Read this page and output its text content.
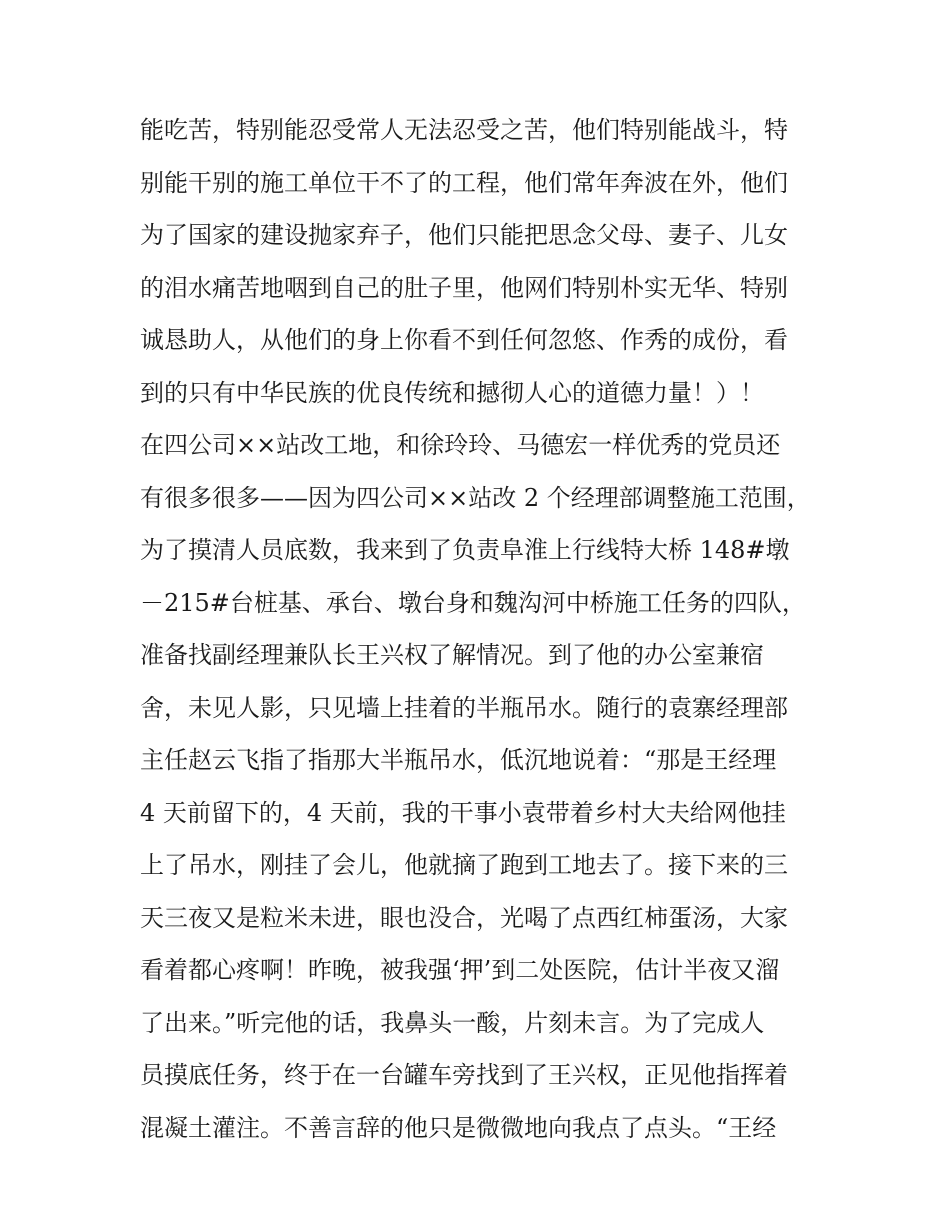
能吃苦，特别能忍受常人无法忍受之苦，他们特别能战斗，特
别能干别的施工单位干不了的工程，他们常年奔波在外，他们
为了国家的建设抛家弃子，他们只能把思念父母、妻子、儿女
的泪水痛苦地咽到自己的肚子里，他网们特别朴实无华、特别
诚恳助人，从他们的身上你看不到任何忽悠、作秀的成份，看
到的只有中华民族的优良传统和撼彻人心的道德力量！）！
在四公司××站改工地，和徐玲玲、马德宏一样优秀的党员还
有很多很多——因为四公司××站改 2 个经理部调整施工范围，
为了摸清人员底数，我来到了负责阜淮上行线特大桥 148#墩
－215#台桩基、承台、墩台身和魏沟河中桥施工任务的四队，
准备找副经理兼队长王兴权了解情况。到了他的办公室兼宿
舍，未见人影，只见墙上挂着的半瓶吊水。随行的袁寨经理部
主任赵云飞指了指那大半瓶吊水，低沉地说着：“那是王经理
4 天前留下的，4 天前，我的干事小袁带着乡村大夫给网他挂
上了吊水，刚挂了会儿，他就摘了跑到工地去了。接下来的三
天三夜又是粒米未进，眼也没合，光喝了点西红柿蛋汤，大家
看着都心疼啊！昨晚，被我强‘押’到二处医院，估计半夜又溜
了出来。”听完他的话，我鼻头一酸，片刻未言。为了完成人
员摸底任务，终于在一台罐车旁找到了王兴权，正见他指挥着
混凝土灌注。不善言辞的他只是微微地向我点了点头。“王经
